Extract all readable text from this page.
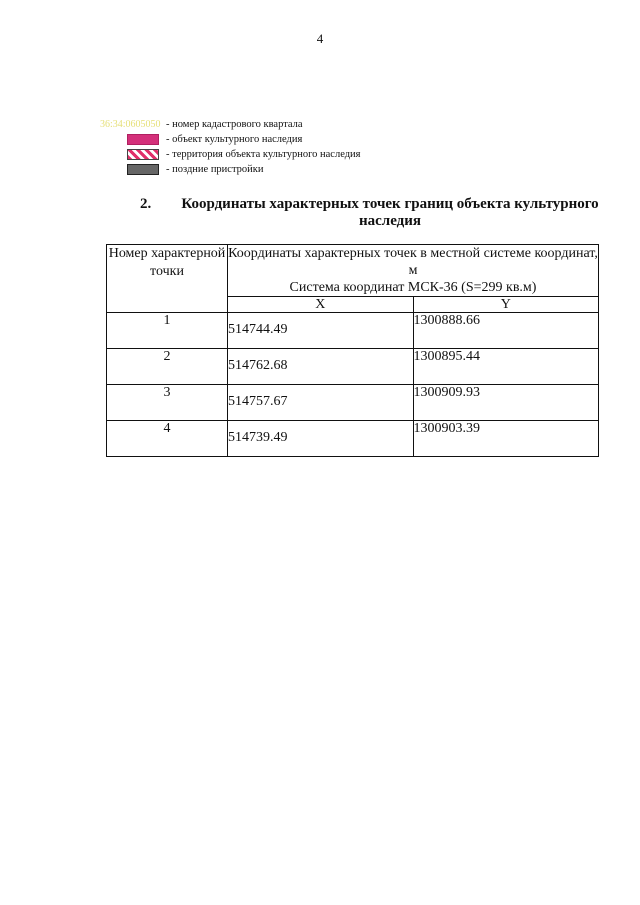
4
36:34:0605050 - номер кадастрового квартала
- объект культурного наследия
- территория объекта культурного наследия
- поздние пристройки
2. Координаты характерных точек границ объекта культурного наследия
Номер характерной точки	Координаты характерных точек в местной системе координат, м
Система координат МСК-36 (S=299 кв.м)	

	X	Y
1	514744.49	1300888.66
2	514762.68	1300895.44
3	514757.67	1300909.93
4	514739.49	1300903.39
